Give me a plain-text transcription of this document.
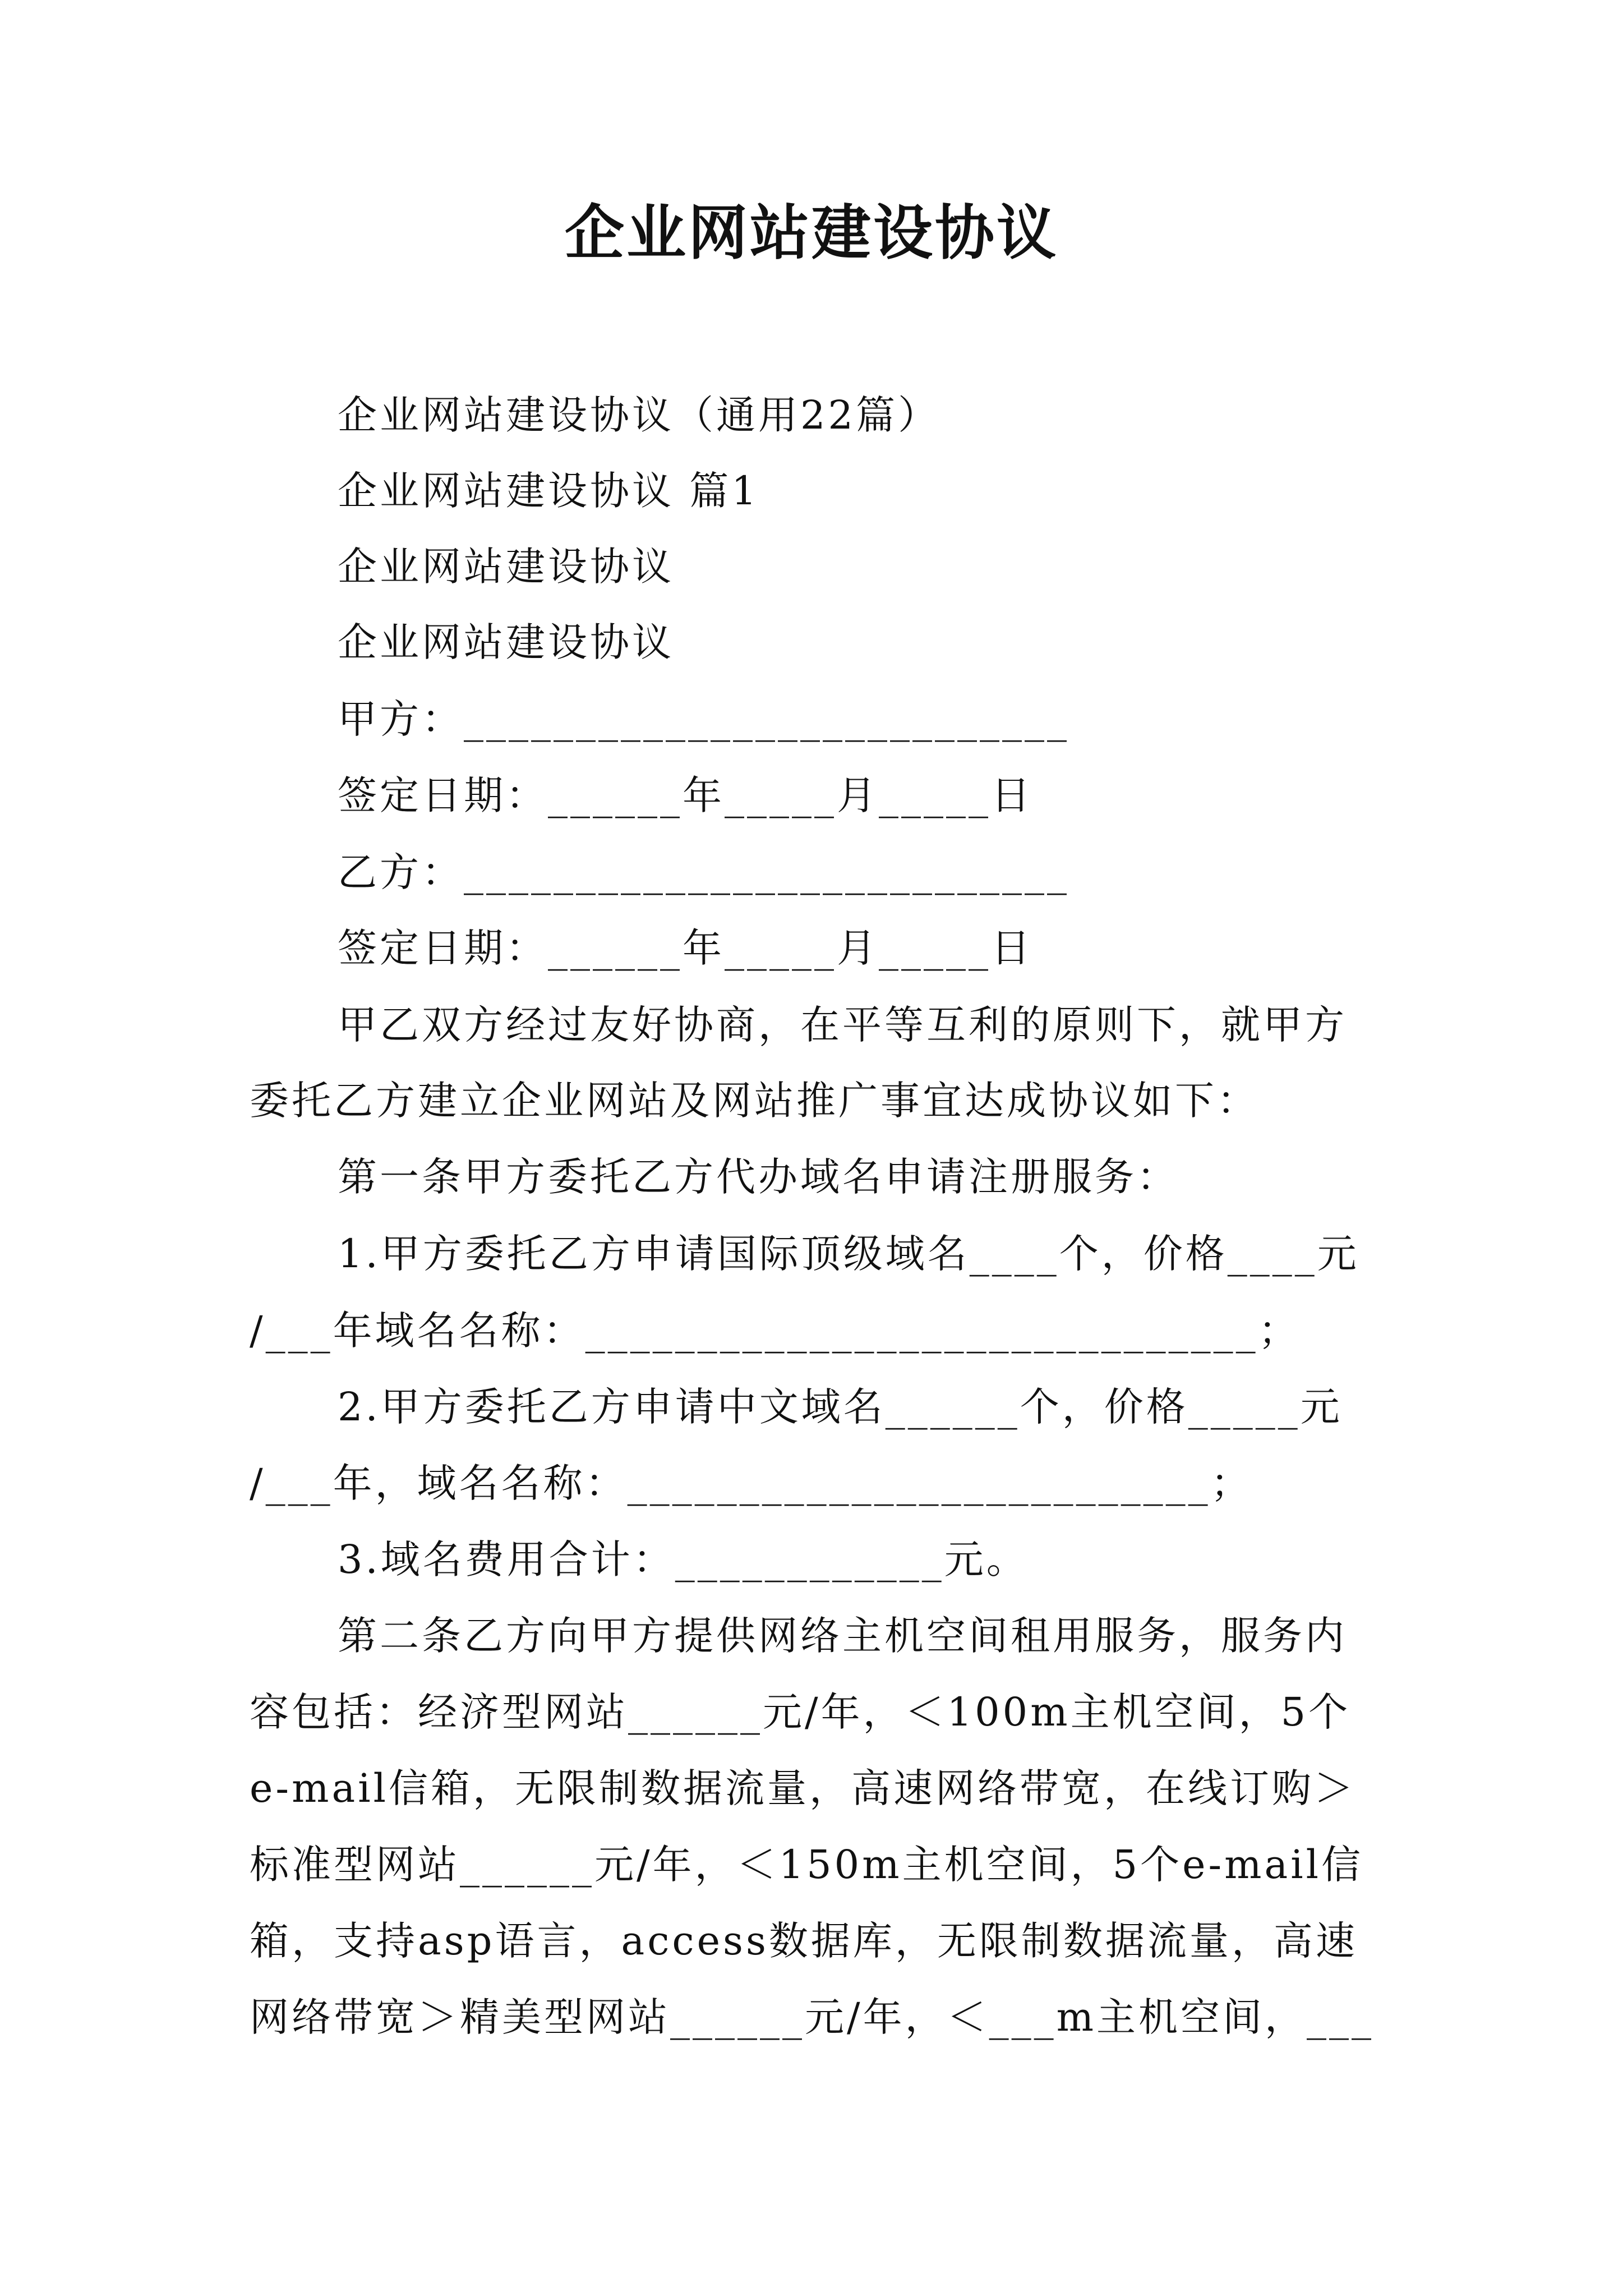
企业网站建设协议
企业网站建设协议（通用22篇）
企业网站建设协议 篇1
企业网站建设协议
企业网站建设协议
甲方：___________________________
签定日期：______年_____月_____日
乙方：___________________________
签定日期：______年_____月_____日
甲乙双方经过友好协商，在平等互利的原则下，就甲方
委托乙方建立企业网站及网站推广事宜达成协议如下：
第一条甲方委托乙方代办域名申请注册服务：
1.甲方委托乙方申请国际顶级域名____个，价格____元
/___年域名名称：______________________________；
2.甲方委托乙方申请中文域名______个，价格_____元
/___年，域名名称：__________________________；
3.域名费用合计：____________元。
第二条乙方向甲方提供网络主机空间租用服务，服务内
容包括：经济型网站______元/年，＜100m主机空间，5个
e-mail信箱，无限制数据流量，高速网络带宽，在线订购＞
标准型网站______元/年，＜150m主机空间，5个e-mail信
箱，支持asp语言，access数据库，无限制数据流量，高速
网络带宽＞精美型网站______元/年，＜___m主机空间，___
